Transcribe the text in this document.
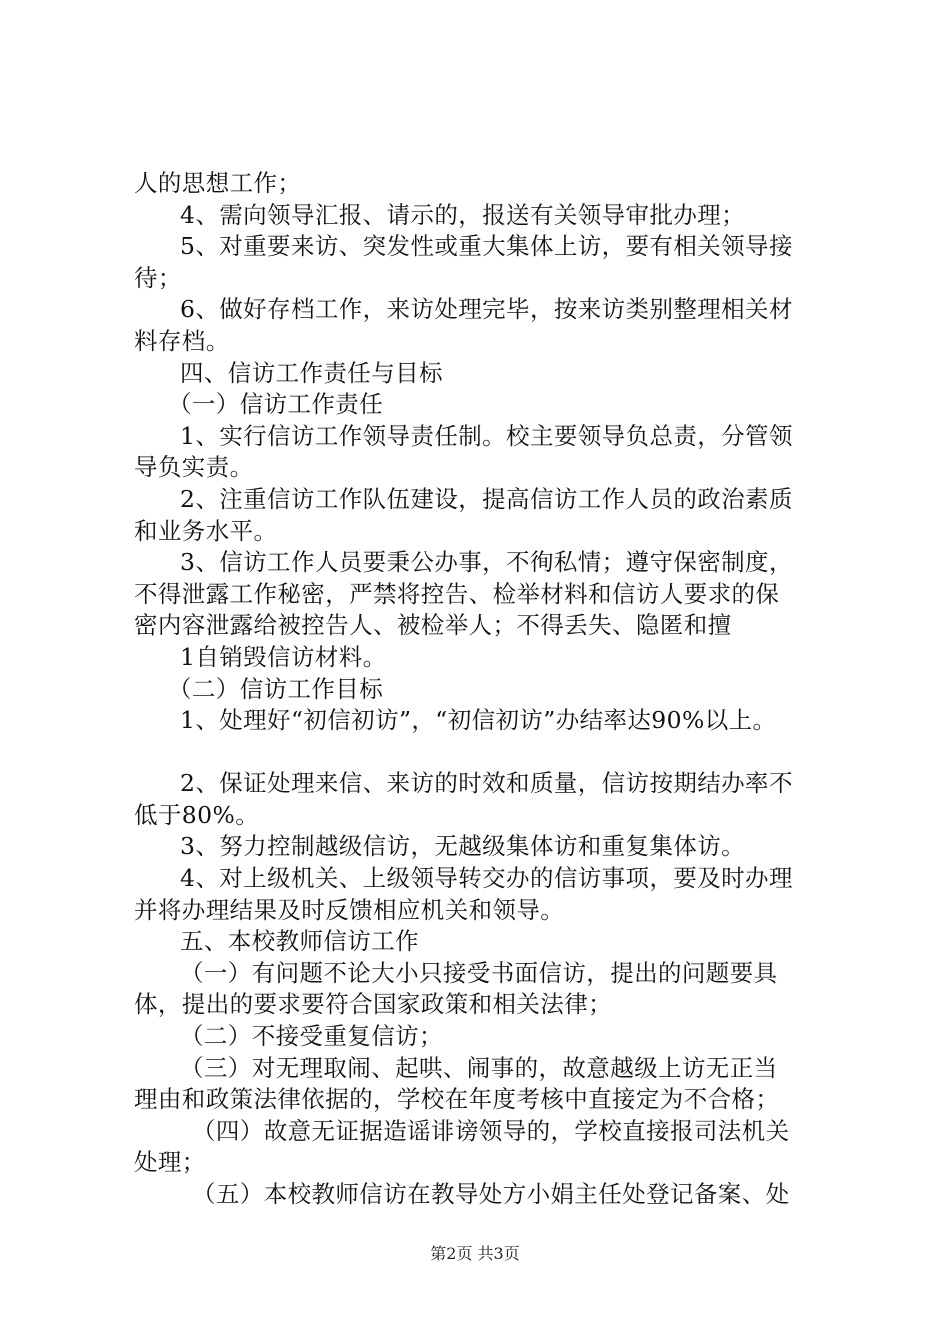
人的思想工作；
4、需向领导汇报、请示的，报送有关领导审批办理；
5、对重要来访、突发性或重大集体上访，要有相关领导接
待；
6、做好存档工作，来访处理完毕，按来访类别整理相关材
料存档。
四、信访工作责任与目标
（一）信访工作责任
1、实行信访工作领导责任制。校主要领导负总责，分管领
导负实责。
2、注重信访工作队伍建设，提高信访工作人员的政治素质
和业务水平。
3、信访工作人员要秉公办事，不徇私情；遵守保密制度，
不得泄露工作秘密，严禁将控告、检举材料和信访人要求的保
密内容泄露给被控告人、被检举人；不得丢失、隐匿和擅
1自销毁信访材料。
（二）信访工作目标
1、处理好“初信初访”，“初信初访”办结率达90%以上。
2、保证处理来信、来访的时效和质量，信访按期结办率不
低于80%。
3、努力控制越级信访，无越级集体访和重复集体访。
4、对上级机关、上级领导转交办的信访事项，要及时办理
并将办理结果及时反馈相应机关和领导。
五、本校教师信访工作
（一）有问题不论大小只接受书面信访，提出的问题要具
体，提出的要求要符合国家政策和相关法律；
（二）不接受重复信访；
（三）对无理取闹、起哄、闹事的，故意越级上访无正当
理由和政策法律依据的，学校在年度考核中直接定为不合格；
（四）故意无证据造谣诽谤领导的，学校直接报司法机关
处理；
（五）本校教师信访在教导处方小娟主任处登记备案、处
第2页 共3页
